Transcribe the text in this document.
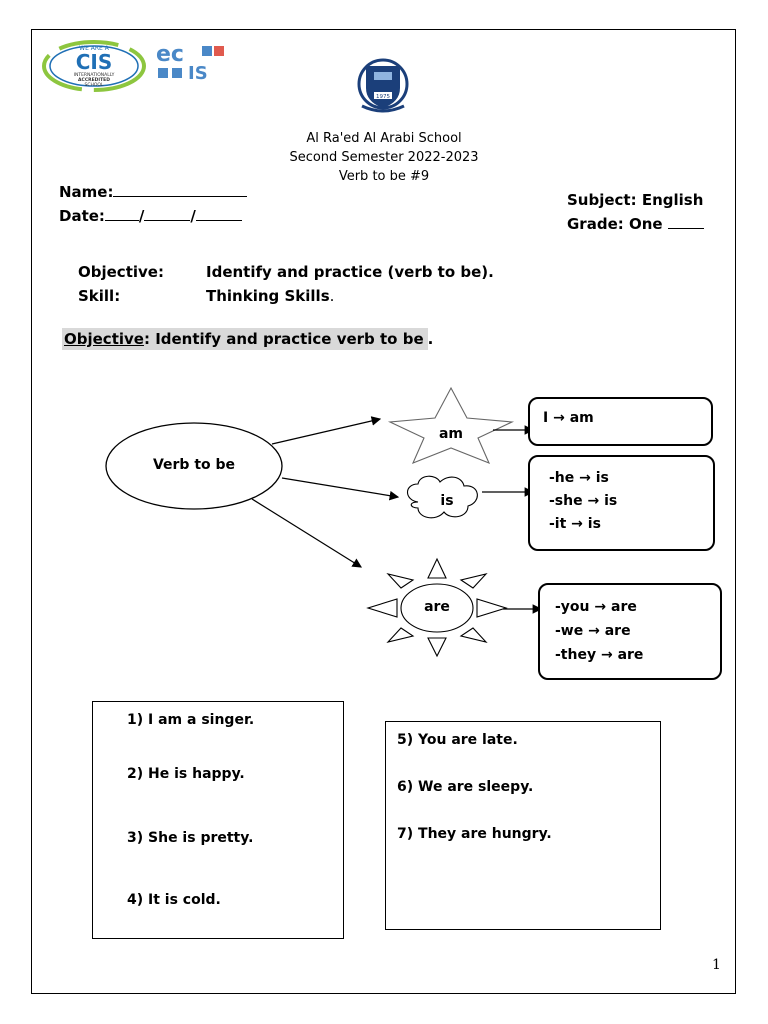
WE ARE A
CIS
INTERNATIONALLY
ACCREDITED
SCHOOL
ec
IS
1975
Al Ra'ed Al Arabi School
Second Semester 2022-2023
Verb to be #9
Name:
Date: /	/
Subject: English
Grade: One
Objective:	Identify and practice (verb to be).
Skill:	Thinking Skills.
Objective: Identify and practice verb to be .
Verb to be
am
is
are
I → am
-he → is
-she → is
-it → is
-you → are
-we → are
-they → are
1) I am a singer.
2) He is happy.
3) She is pretty.
4) It is cold.
5) You are late.
6) We are sleepy.
7) They are hungry.
1
